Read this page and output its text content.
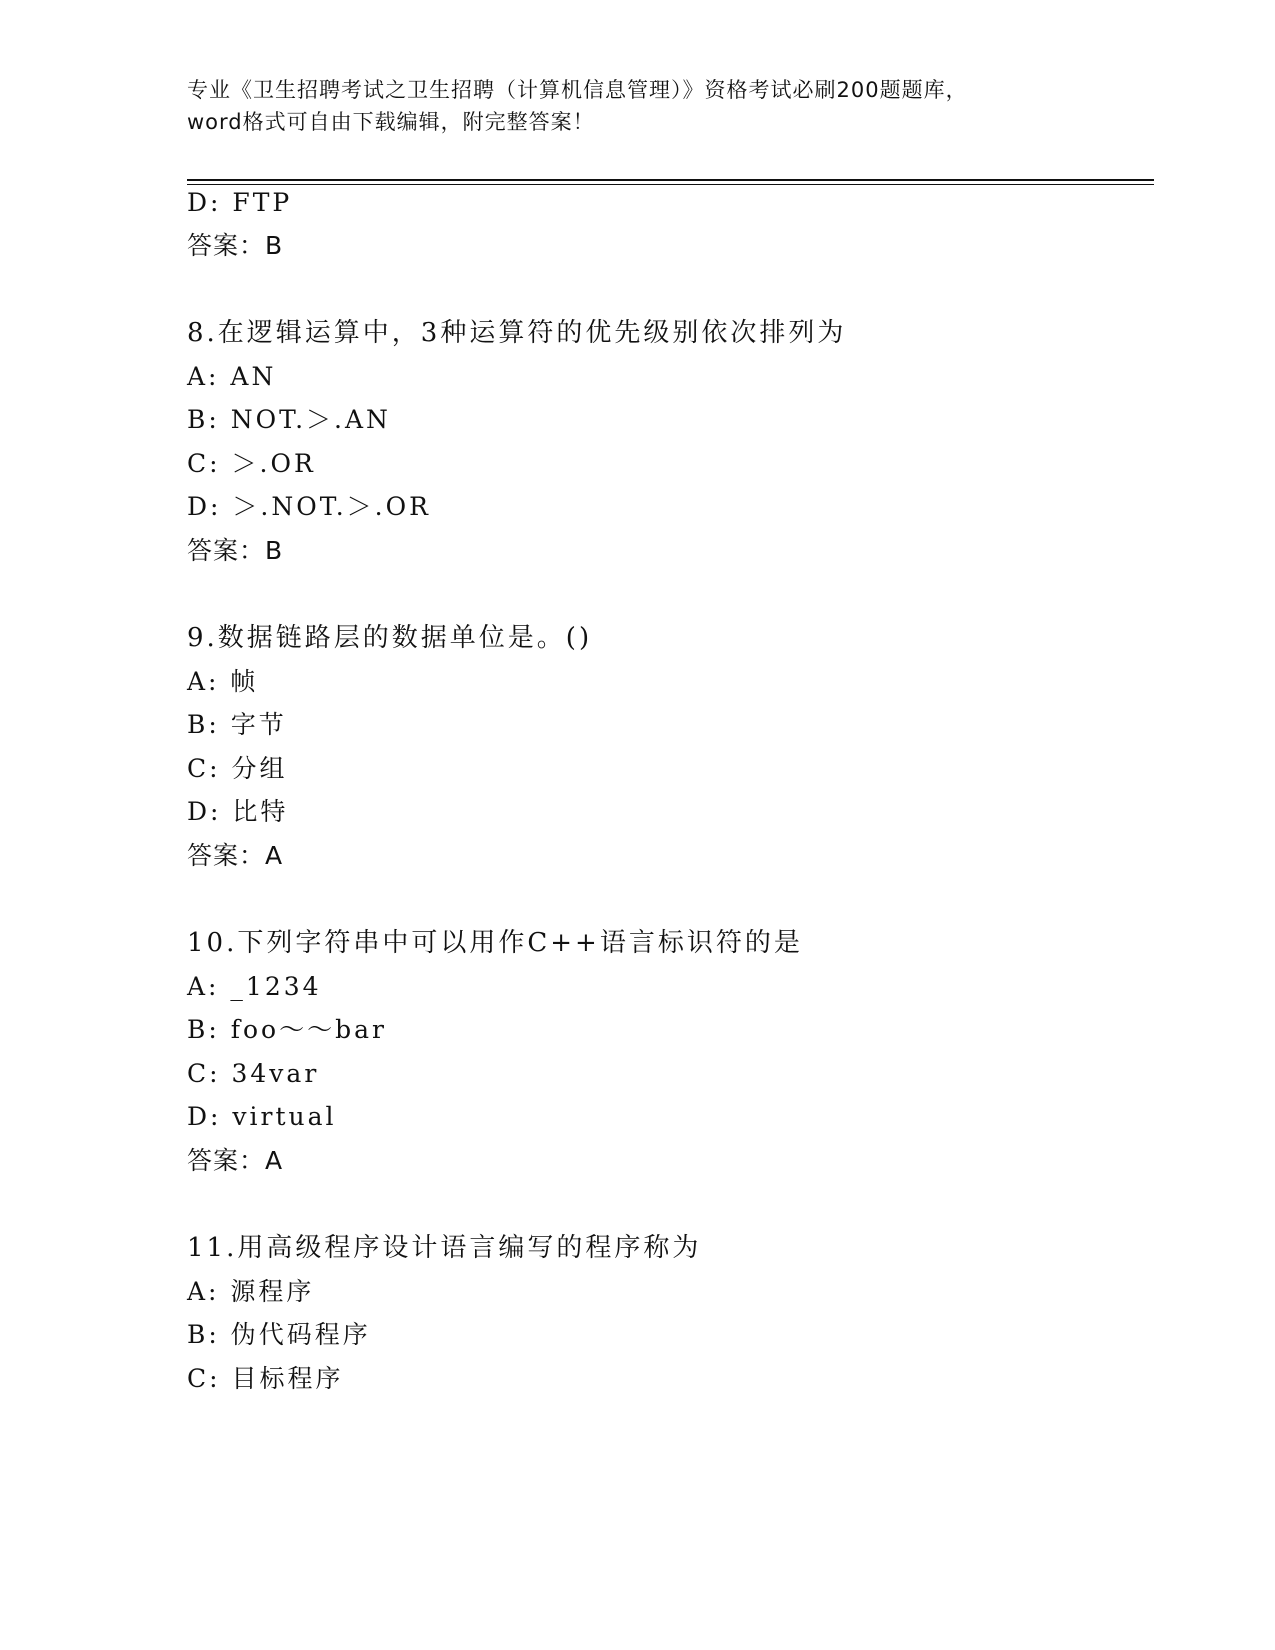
专业《卫生招聘考试之卫生招聘（计算机信息管理）》资格考试必刷200题题库，
word格式可自由下载编辑，附完整答案！
D: FTP
答案：B
8.在逻辑运算中，3种运算符的优先级别依次排列为
A: AN
B: NOT.＞.AN
C: ＞.OR
D: ＞.NOT.＞.OR
答案：B
9.数据链路层的数据单位是。()
A: 帧
B: 字节
C: 分组
D: 比特
答案：A
10.下列字符串中可以用作C++语言标识符的是
A: _1234
B: foo～～bar
C: 34var
D: virtual
答案：A
11.用高级程序设计语言编写的程序称为
A: 源程序
B: 伪代码程序
C: 目标程序
